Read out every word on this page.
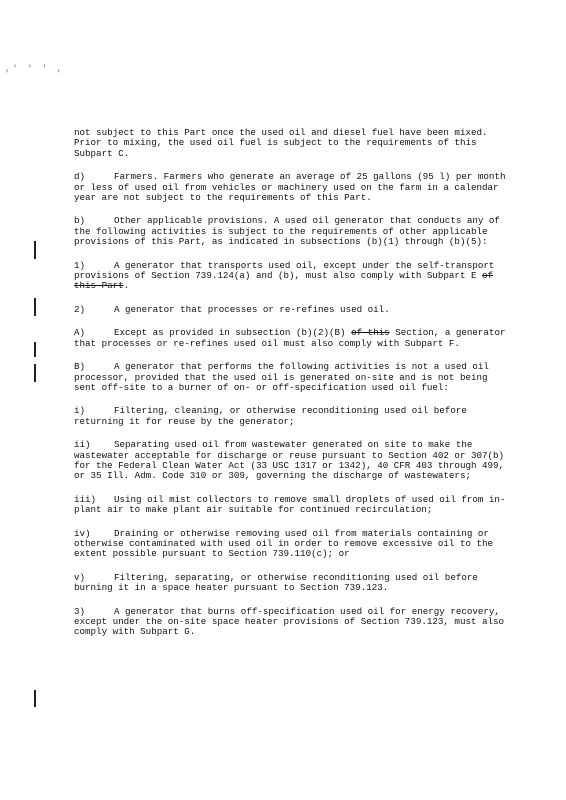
,' ' ' ,

not subject to this Part once the used oil and diesel fuel have been mixed. Prior to mixing, the used oil fuel is subject to the requirements of this Subpart C.

d)	Farmers. Farmers who generate an average of 25 gallons (95 l) per month or less of used oil from vehicles or machinery used on the farm in a calendar year are not subject to the requirements of this Part.

b)	Other applicable provisions. A used oil generator that conducts any of the following activities is subject to the requirements of other applicable provisions of this Part, as indicated in subsections (b)(1) through (b)(5):

1)	A generator that transports used oil, except under the self-transport provisions of Section 739.124(a) and (b), must also comply with Subpart E of this Part.

2)	A generator that processes or re-refines used oil.

A)	Except as provided in subsection (b)(2)(B) of this Section, a generator that processes or re-refines used oil must also comply with Subpart F.

B)	A generator that performs the following activities is not a used oil processor, provided that the used oil is generated on-site and is not being sent off-site to a burner of on- or off-specification used oil fuel:

i)	Filtering, cleaning, or otherwise reconditioning used oil before returning it for reuse by the generator;

ii)	Separating used oil from wastewater generated on site to make the wastewater acceptable for discharge or reuse pursuant to Section 402 or 307(b) for the Federal Clean Water Act (33 USC 1317 or 1342), 40 CFR 403 through 499, or 35 Ill. Adm. Code 310 or 309, governing the discharge of wastewaters;

iii) Using oil mist collectors to remove small droplets of used oil from in-plant air to make plant air suitable for continued recirculation;

iv)	Draining or otherwise removing used oil from materials containing or otherwise contaminated with used oil in order to remove excessive oil to the extent possible pursuant to Section 739.110(c); or

v)	Filtering, separating, or otherwise reconditioning used oil before burning it in a space heater pursuant to Section 739.123.

3)	A generator that burns off-specification used oil for energy recovery, except under the on-site space heater provisions of Section 739.123, must also comply with Subpart G.
